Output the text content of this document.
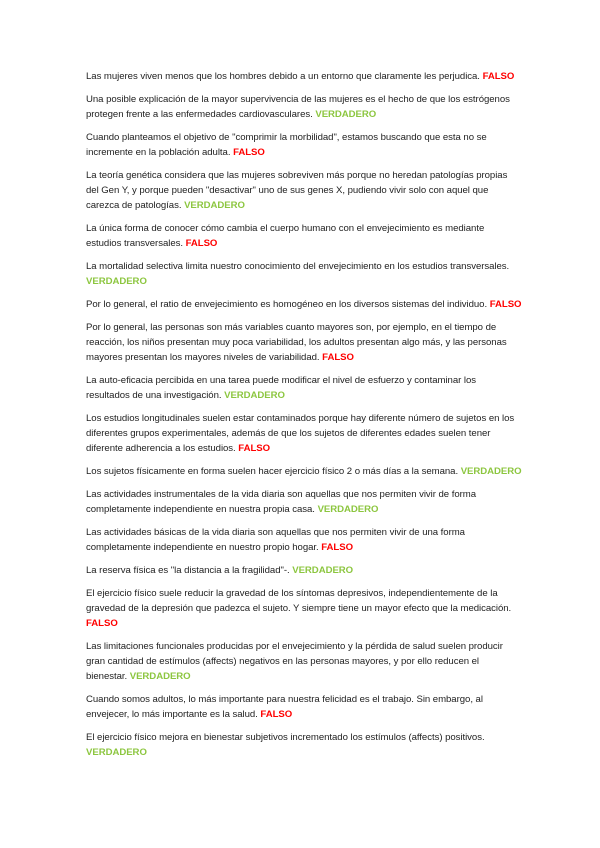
Las mujeres viven menos que los hombres debido a un entorno que claramente les perjudica. FALSO

Una posible explicación de la mayor supervivencia de las mujeres es el hecho de que los estrógenos protegen frente a las enfermedades cardiovasculares. VERDADERO

Cuando planteamos el objetivo de "comprimir la morbilidad", estamos buscando que esta no se incremente en la población adulta. FALSO

La teoría genética considera que las mujeres sobreviven más porque no heredan patologías propias del Gen Y, y porque pueden "desactivar" uno de sus genes X, pudiendo vivir solo con aquel que carezca de patologías. VERDADERO

La única forma de conocer cómo cambia el cuerpo humano con el envejecimiento es mediante estudios transversales. FALSO

La mortalidad selectiva limita nuestro conocimiento del envejecimiento en los estudios transversales. VERDADERO

Por lo general, el ratio de envejecimiento es homogéneo en los diversos sistemas del individuo. FALSO

Por lo general, las personas son más variables cuanto mayores son, por ejemplo, en el tiempo de reacción, los niños presentan muy poca variabilidad, los adultos presentan algo más, y las personas mayores presentan los mayores niveles de variabilidad. FALSO

La auto-eficacia percibida en una tarea puede modificar el nivel de esfuerzo y contaminar los resultados de una investigación. VERDADERO

Los estudios longitudinales suelen estar contaminados porque hay diferente número de sujetos en los diferentes grupos experimentales, además de que los sujetos de diferentes edades suelen tener diferente adherencia a los estudios. FALSO

Los sujetos físicamente en forma suelen hacer ejercicio físico 2 o más días a la semana. VERDADERO

Las actividades instrumentales de la vida diaria son aquellas que nos permiten vivir de forma completamente independiente en nuestra propia casa. VERDADERO

Las actividades básicas de la vida diaria son aquellas que nos permiten vivir de una forma completamente independiente en nuestro propio hogar. FALSO

La reserva física es "la distancia a la fragilidad"-. VERDADERO

El ejercicio físico suele reducir la gravedad de los síntomas depresivos, independientemente de la gravedad de la depresión que padezca el sujeto. Y siempre tiene un mayor efecto que la medicación. FALSO

Las limitaciones funcionales producidas por el envejecimiento y la pérdida de salud suelen producir gran cantidad de estímulos (affects) negativos en las personas mayores, y por ello reducen el bienestar. VERDADERO

Cuando somos adultos, lo más importante para nuestra felicidad es el trabajo. Sin embargo, al envejecer, lo más importante es la salud. FALSO

El ejercicio físico mejora en bienestar subjetivos incrementado los estímulos (affects) positivos. VERDADERO
